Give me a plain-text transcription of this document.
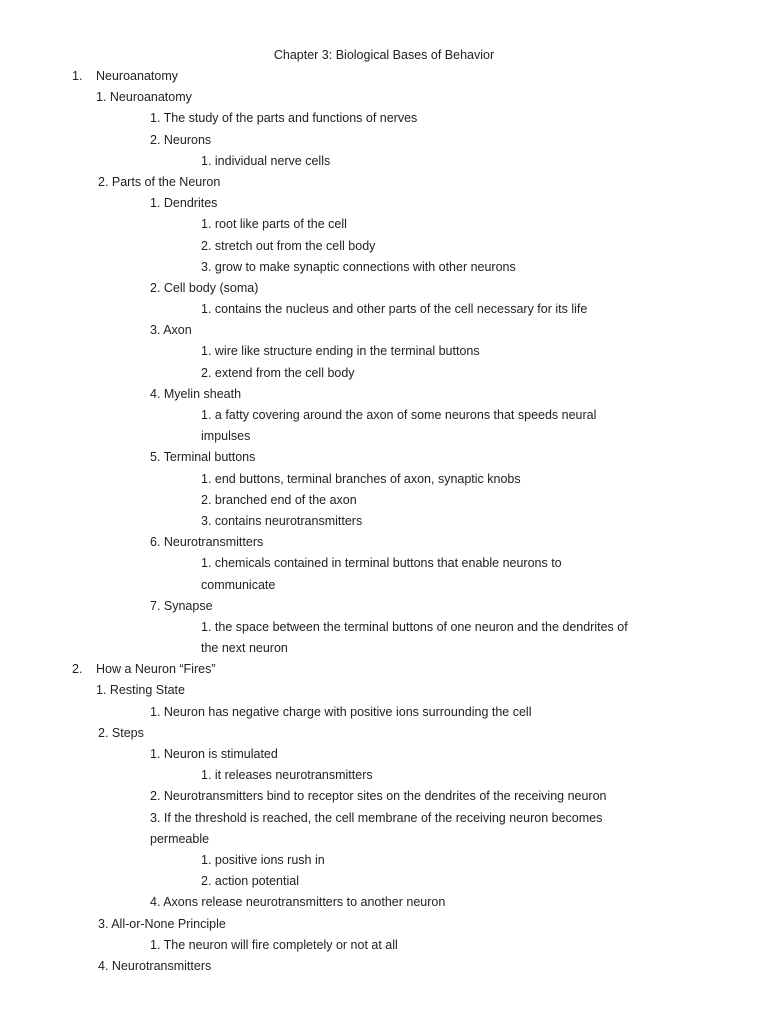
Chapter 3: Biological Bases of Behavior
1. Neuroanatomy
1. Neuroanatomy
1. The study of the parts and functions of nerves
2. Neurons
1. individual nerve cells
2. Parts of the Neuron
1. Dendrites
1. root like parts of the cell
2. stretch out from the cell body
3. grow to make synaptic connections with other neurons
2. Cell body (soma)
1. contains the nucleus and other parts of the cell necessary for its life
3. Axon
1. wire like structure ending in the terminal buttons
2. extend from the cell body
4. Myelin sheath
1. a fatty covering around the axon of some neurons that speeds neural
impulses
5. Terminal buttons
1. end buttons, terminal branches of axon, synaptic knobs
2. branched end of the axon
3. contains neurotransmitters
6. Neurotransmitters
1. chemicals contained in terminal buttons that enable neurons to
communicate
7. Synapse
1. the space between the terminal buttons of one neuron and the dendrites of
the next neuron
2. How a Neuron “Fires”
1. Resting State
1. Neuron has negative charge with positive ions surrounding the cell
2. Steps
1. Neuron is stimulated
1. it releases neurotransmitters
2. Neurotransmitters bind to receptor sites on the dendrites of the receiving neuron
3. If the threshold is reached, the cell membrane of the receiving neuron becomes
permeable
1. positive ions rush in
2. action potential
4. Axons release neurotransmitters to another neuron
3. All-or-None Principle
1. The neuron will fire completely or not at all
4. Neurotransmitters
